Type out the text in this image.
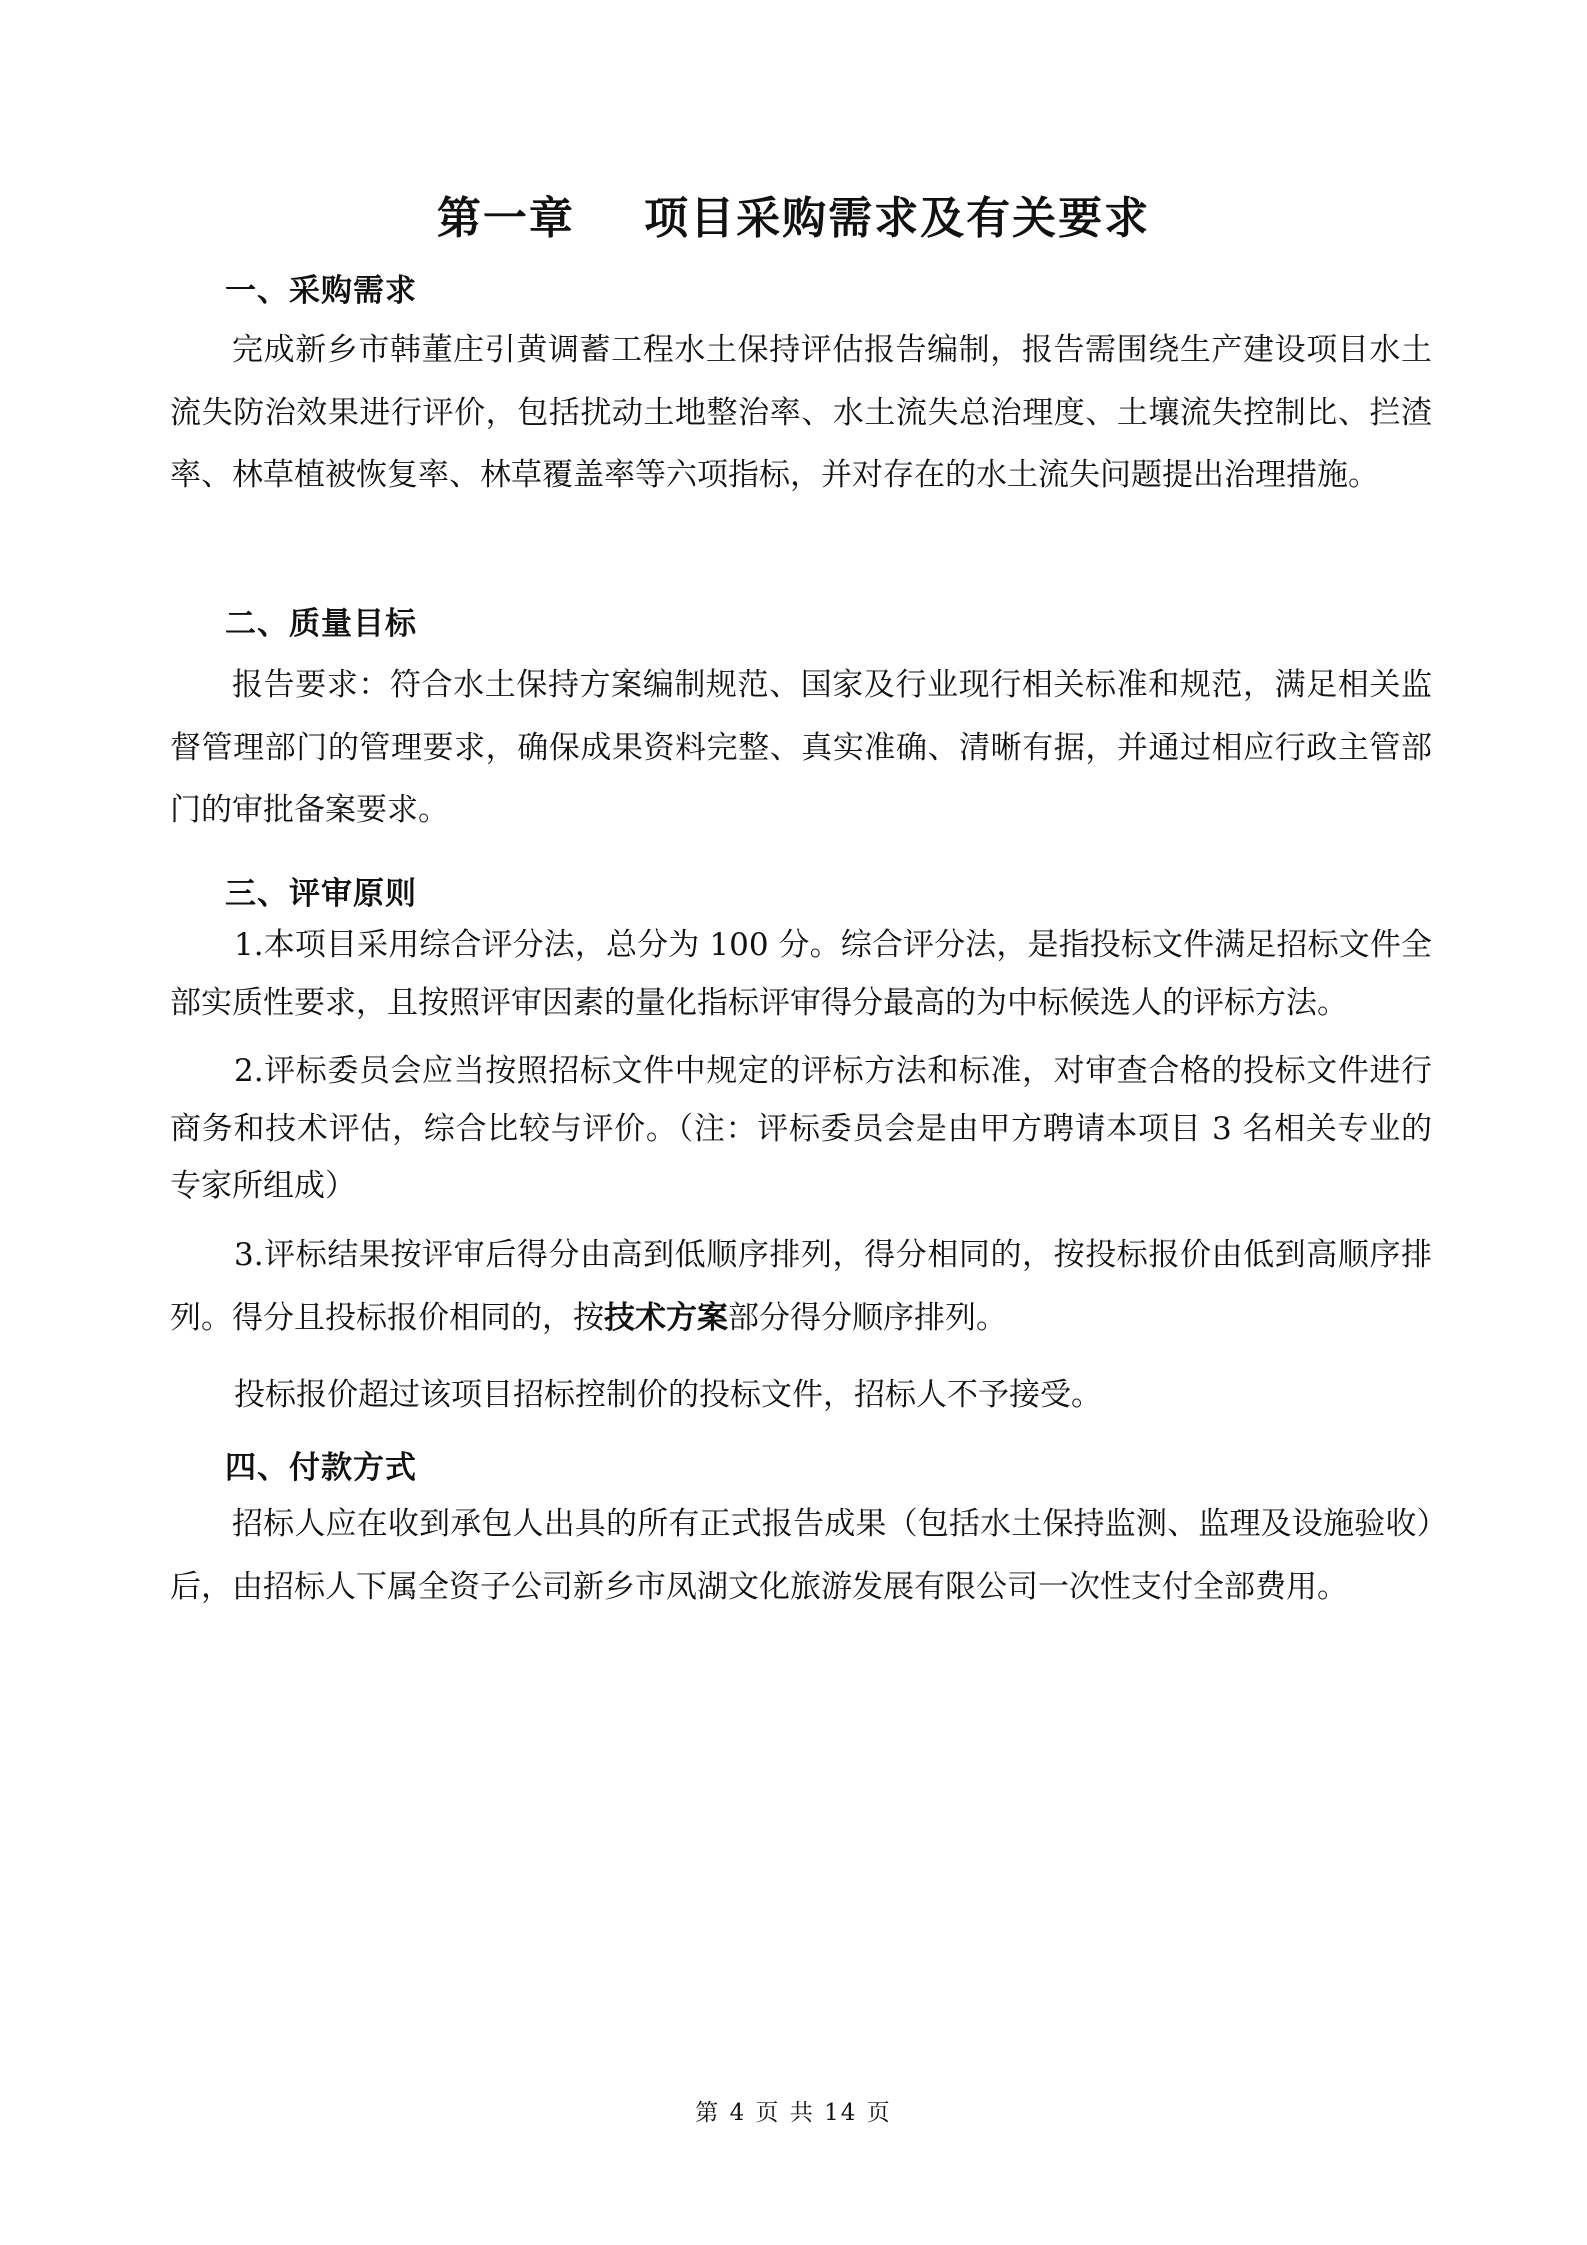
第一章    项目采购需求及有关要求
一、采购需求
完成新乡市韩董庄引黄调蓄工程水土保持评估报告编制，报告需围绕生产建设项目水土流失防治效果进行评价，包括扰动土地整治率、水土流失总治理度、土壤流失控制比、拦渣率、林草植被恢复率、林草覆盖率等六项指标，并对存在的水土流失问题提出治理措施。
二、质量目标
报告要求：符合水土保持方案编制规范、国家及行业现行相关标准和规范，满足相关监督管理部门的管理要求，确保成果资料完整、真实准确、清晰有据，并通过相应行政主管部门的审批备案要求。
三、评审原则
1.本项目采用综合评分法，总分为 100 分。综合评分法，是指投标文件满足招标文件全部实质性要求，且按照评审因素的量化指标评审得分最高的为中标候选人的评标方法。
2.评标委员会应当按照招标文件中规定的评标方法和标准，对审查合格的投标文件进行商务和技术评估，综合比较与评价。（注：评标委员会是由甲方聘请本项目 3 名相关专业的专家所组成）
3.评标结果按评审后得分由高到低顺序排列，得分相同的，按投标报价由低到高顺序排列。得分且投标报价相同的，按技术方案部分得分顺序排列。
投标报价超过该项目招标控制价的投标文件，招标人不予接受。
四、付款方式
招标人应在收到承包人出具的所有正式报告成果（包括水土保持监测、监理及设施验收）后，由招标人下属全资子公司新乡市凤湖文化旅游发展有限公司一次性支付全部费用。
第 4 页 共 14 页
